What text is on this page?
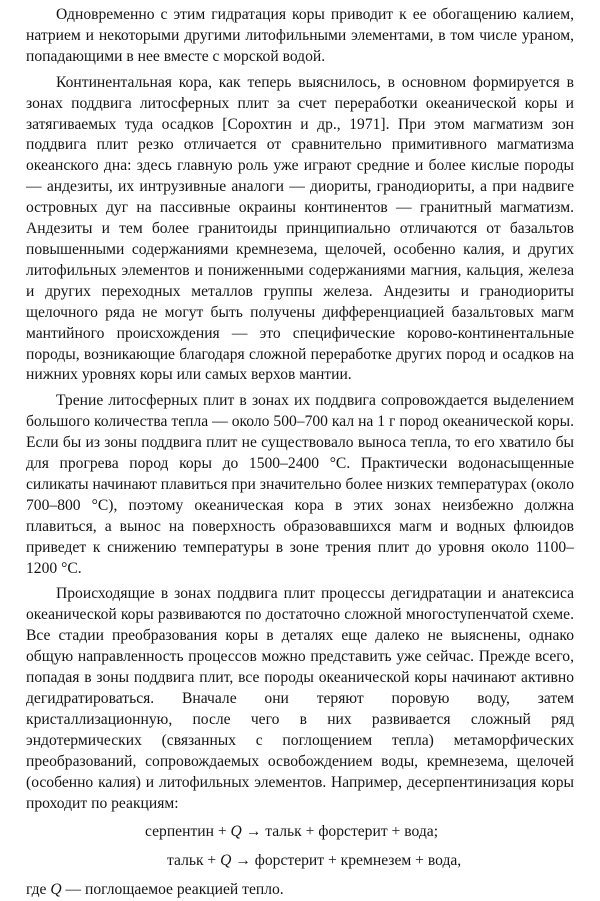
Одновременно с этим гидратация коры приводит к ее обогащению калием, натрием и некоторыми другими литофильными элементами, в том числе ураном, попадающими в нее вместе с морской водой.

Континентальная кора, как теперь выяснилось, в основном формируется в зонах поддвига литосферных плит за счет переработки океанической коры и затягиваемых туда осадков [Сорохтин и др., 1971]. При этом магматизм зон поддвига плит резко отличается от сравнительно примитивного магматизма океанского дна: здесь главную роль уже играют средние и более кислые породы — андезиты, их интрузивные аналоги — диориты, гранодиориты, а при надвиге островных дуг на пассивные окраины континентов — гранитный магматизм. Андезиты и тем более гранитоиды принципиально отличаются от базальтов повышенными содержаниями кремнезема, щелочей, особенно калия, и других литофильных элементов и пониженными содержаниями магния, кальция, железа и других переходных металлов группы железа. Андезиты и гранодиориты щелочного ряда не могут быть получены дифференциацией базальтовых магм мантийного происхождения — это специфические корово-континентальные породы, возникающие благодаря сложной переработке других пород и осадков на нижних уровнях коры или самых верхов мантии.

Трение литосферных плит в зонах их поддвига сопровождается выделением большого количества тепла — около 500–700 кал на 1 г пород океанической коры. Если бы из зоны поддвига плит не существовало выноса тепла, то его хватило бы для прогрева пород коры до 1500–2400 °С. Практически водонасыщенные силикаты начинают плавиться при значительно более низких температурах (около 700–800 °С), поэтому океаническая кора в этих зонах неизбежно должна плавиться, а вынос на поверхность образовавшихся магм и водных флюидов приведет к снижению температуры в зоне трения плит до уровня около 1100–1200 °С.

Происходящие в зонах поддвига плит процессы дегидратации и анатексиса океанической коры развиваются по достаточно сложной многоступенчатой схеме. Все стадии преобразования коры в деталях еще далеко не выяснены, однако общую направленность процессов можно представить уже сейчас. Прежде всего, попадая в зоны поддвига плит, все породы океанической коры начинают активно дегидратироваться. Вначале они теряют поровую воду, затем кристаллизационную, после чего в них развивается сложный ряд эндотермических (связанных с поглощением тепла) метаморфических преобразований, сопровождаемых освобождением воды, кремнезема, щелочей (особенно калия) и литофильных элементов. Например, десерпентинизация коры проходит по реакциям:

серпентин + Q → тальк + форстерит + вода;
тальк + Q → форстерит + кремнезем + вода,
где Q — поглощаемое реакцией тепло.
